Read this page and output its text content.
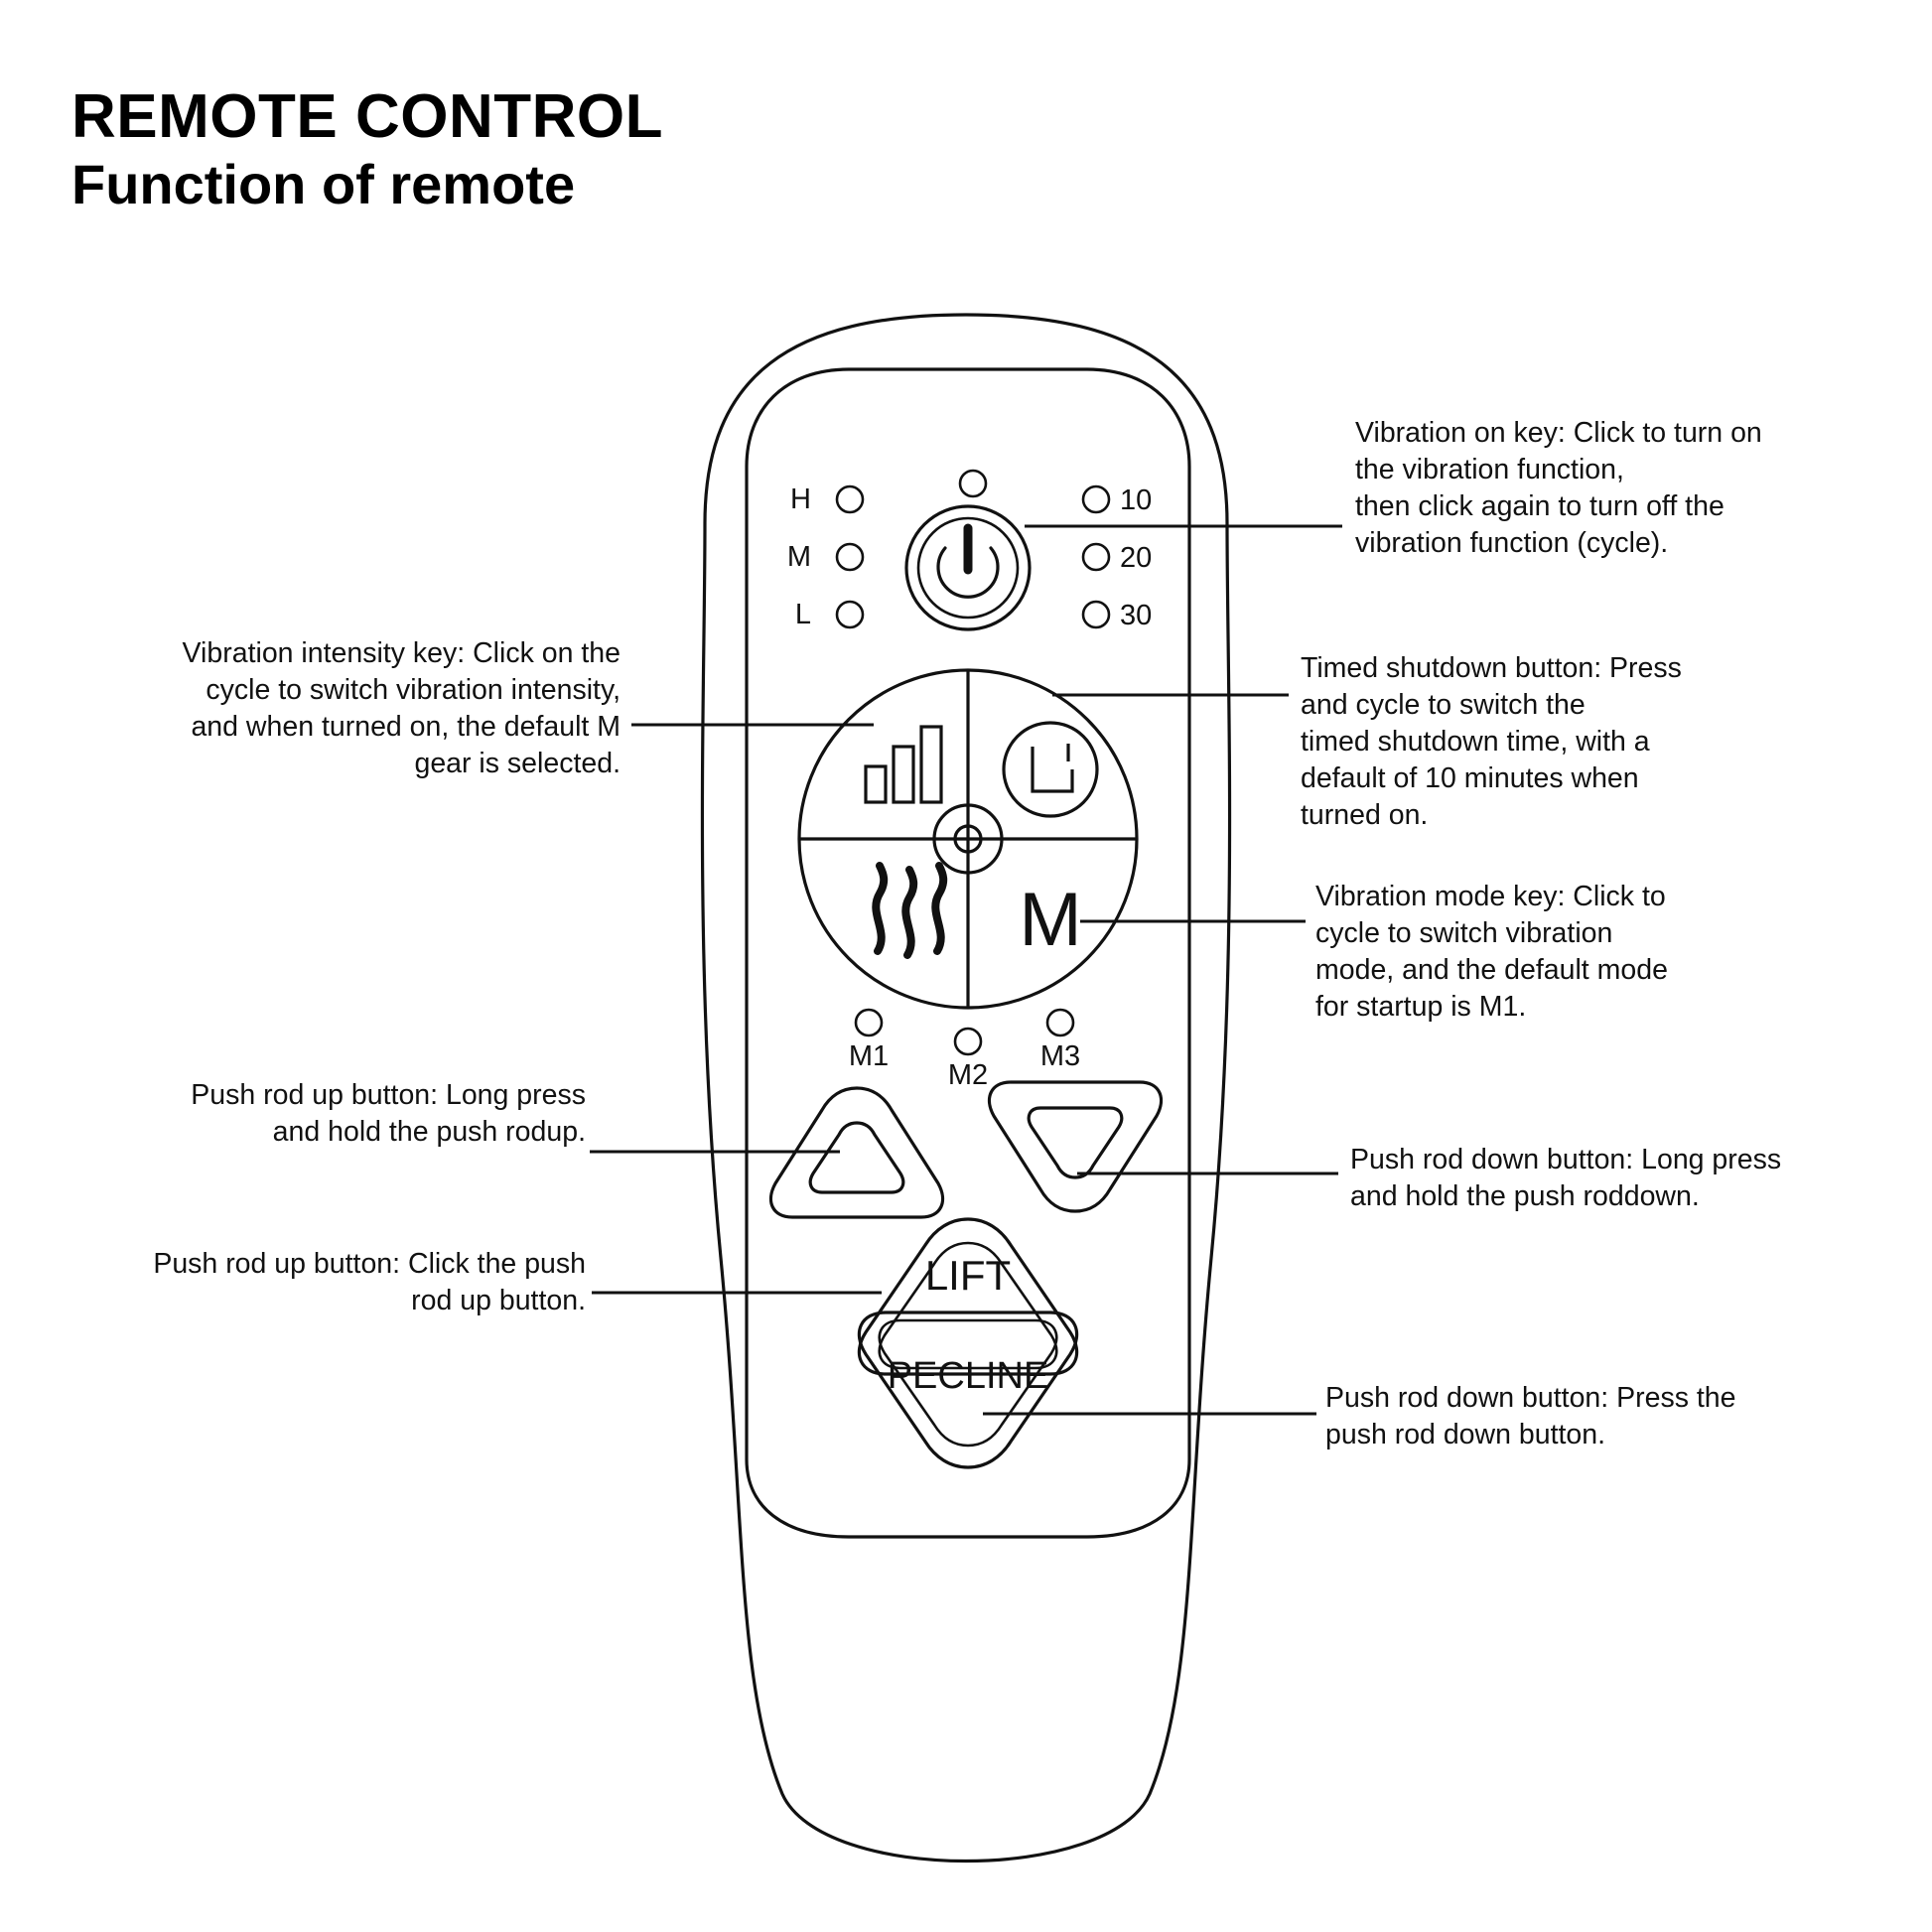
REMOTE CONTROL
Function of remote
Vibration on key: Click to turn on
the vibration function,
then click again to turn off the
vibration function (cycle).
Vibration intensity key: Click on the
cycle to switch vibration intensity,
and when turned on, the default M
gear is selected.
Timed shutdown button: Press
and cycle to switch the
timed shutdown time, with a
default of 10 minutes when
turned on.
Vibration mode key: Click to
cycle to switch vibration
mode, and the default mode
for startup is M1.
Push rod up button: Long press
and hold the push rodup.
Push rod down button: Long press
and hold the push roddown.
Push rod up button: Click the push
rod up button.
Push rod down button: Press the
push rod down button.
H
M
L
10
20
30
M
M1
M2
M3
LIFT
PECLINE
